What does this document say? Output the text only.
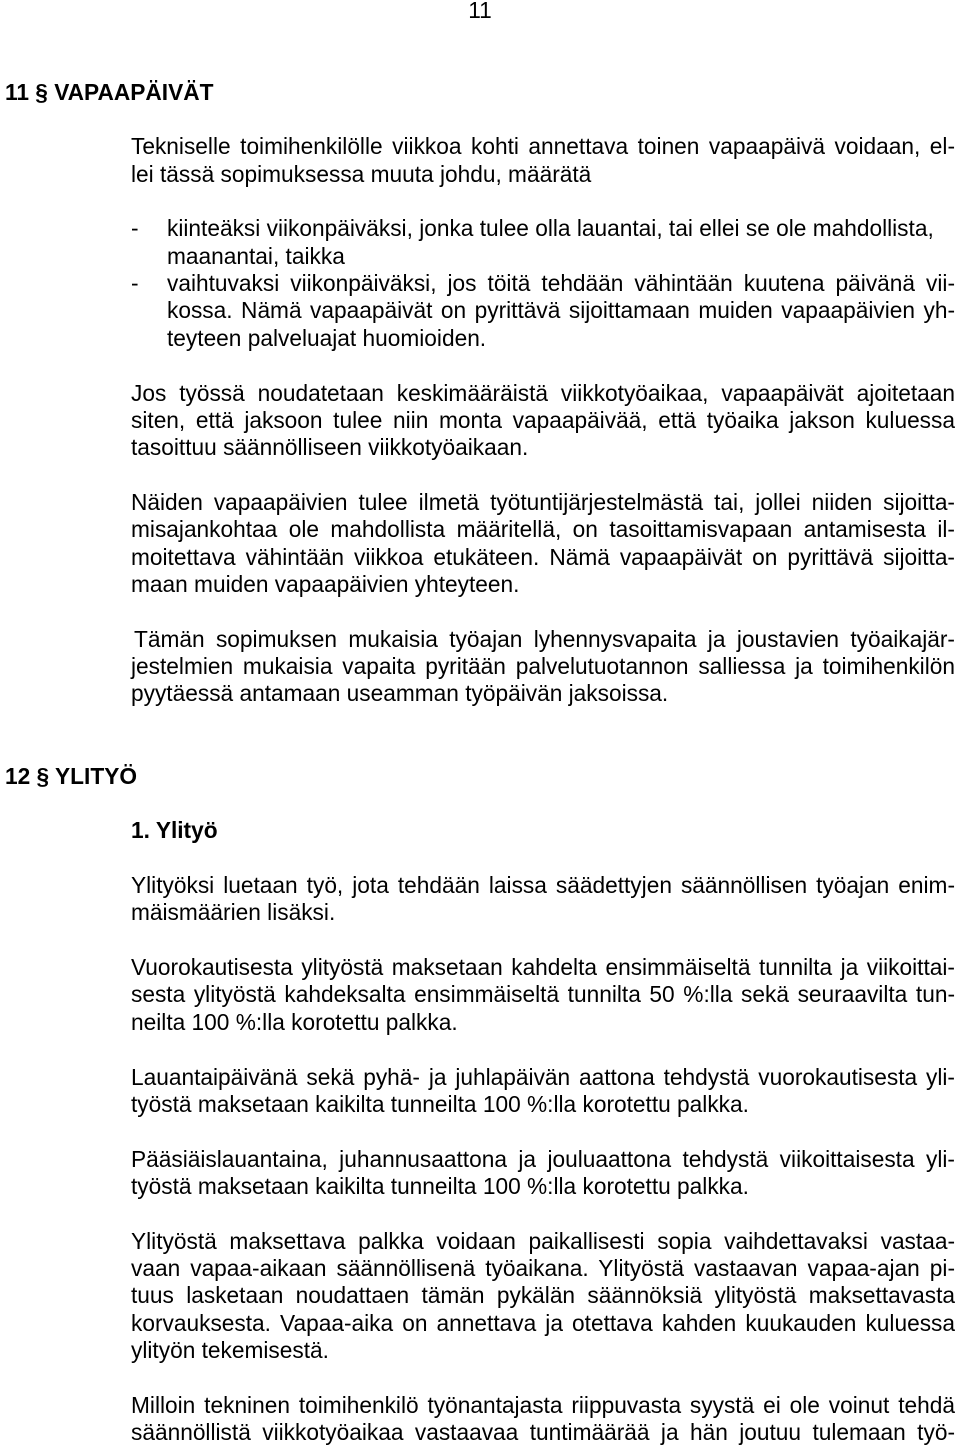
11
11 § VAPAAPÄIVÄT
Tekniselle toimihenkilölle viikkoa kohti annettava toinen vapaapäivä voidaan, el-
lei tässä sopimuksessa muuta johdu, määrätä
- kiinteäksi viikonpäiväksi, jonka tulee olla lauantai, tai ellei se ole mahdollista,
maanantai, taikka
- vaihtuvaksi viikonpäiväksi, jos töitä tehdään vähintään kuutena päivänä vii-
kossa. Nämä vapaapäivät on pyrittävä sijoittamaan muiden vapaapäivien yh-
teyteen palveluajat huomioiden.
Jos työssä noudatetaan keskimääräistä viikkotyöaikaa, vapaapäivät ajoitetaan
siten, että jaksoon tulee niin monta vapaapäivää, että työaika jakson kuluessa
tasoittuu säännölliseen viikkotyöaikaan.
Näiden vapaapäivien tulee ilmetä työtuntijärjestelmästä tai, jollei niiden sijoitta-
misajankohtaa ole mahdollista määritellä, on tasoittamisvapaan antamisesta il-
moitettava vähintään viikkoa etukäteen. Nämä vapaapäivät on pyrittävä sijoitta-
maan muiden vapaapäivien yhteyteen.
Tämän sopimuksen mukaisia työajan lyhennysvapaita ja joustavien työaikajär-
jestelmien mukaisia vapaita pyritään palvelutuotannon salliessa ja toimihenkilön
pyytäessä antamaan useamman työpäivän jaksoissa.
12 § YLITYÖ
1. Ylityö
Ylityöksi luetaan työ, jota tehdään laissa säädettyjen säännöllisen työajan enim-
mäismäärien lisäksi.
Vuorokautisesta ylityöstä maksetaan kahdelta ensimmäiseltä tunnilta ja viikoittai-
sesta ylityöstä kahdeksalta ensimmäiseltä tunnilta 50 %:lla sekä seuraavilta tun-
neilta 100 %:lla korotettu palkka.
Lauantaipäivänä sekä pyhä- ja juhlapäivän aattona tehdystä vuorokautisesta yli-
työstä maksetaan kaikilta tunneilta 100 %:lla korotettu palkka.
Pääsiäislauantaina, juhannusaattona ja jouluaattona tehdystä viikoittaisesta yli-
työstä maksetaan kaikilta tunneilta 100 %:lla korotettu palkka.
Ylityöstä maksettava palkka voidaan paikallisesti sopia vaihdettavaksi vastaa-
vaan vapaa-aikaan säännöllisenä työaikana. Ylityöstä vastaavan vapaa-ajan pi-
tuus lasketaan noudattaen tämän pykälän säännöksiä ylityöstä maksettavasta
korvauksesta. Vapaa-aika on annettava ja otettava kahden kuukauden kuluessa
ylityön tekemisestä.
Milloin tekninen toimihenkilö työnantajasta riippuvasta syystä ei ole voinut tehdä
säännöllistä viikkotyöaikaa vastaavaa tuntimäärää ja hän joutuu tulemaan työ-
